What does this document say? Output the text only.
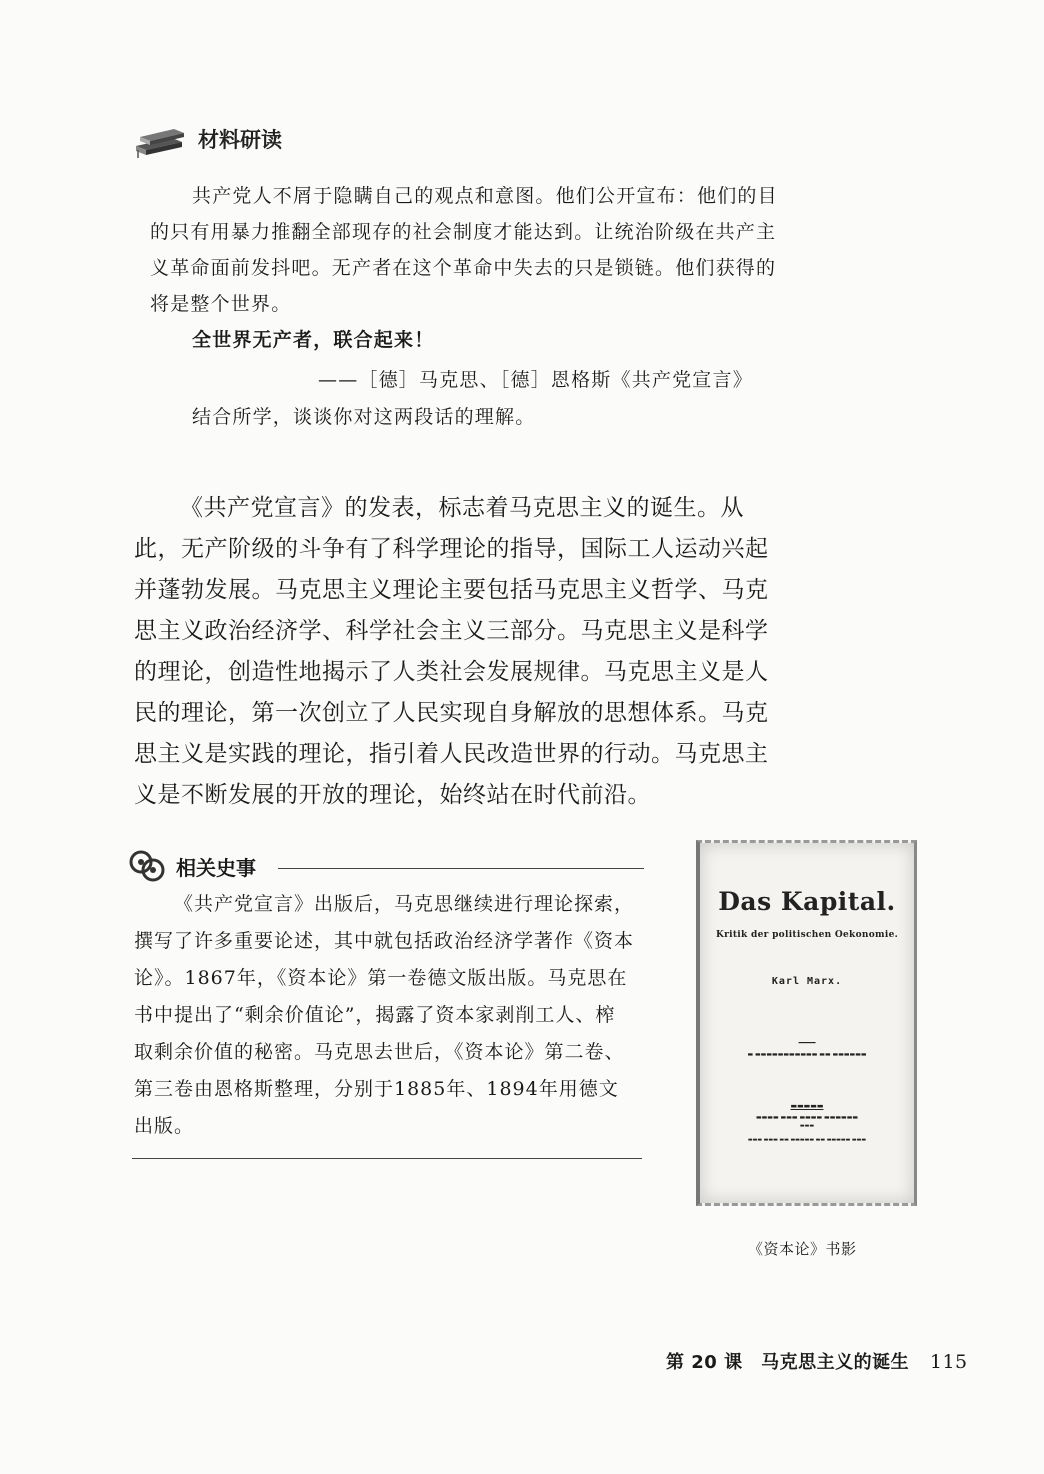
材料研读
共产党人不屑于隐瞒自己的观点和意图。他们公开宣布：他们的目的只有用暴力推翻全部现存的社会制度才能达到。让统治阶级在共产主义革命面前发抖吧。无产者在这个革命中失去的只是锁链。他们获得的将是整个世界。
全世界无产者，联合起来！
——［德］马克思、［德］恩格斯《共产党宣言》
结合所学，谈谈你对这两段话的理解。
《共产党宣言》的发表，标志着马克思主义的诞生。从此，无产阶级的斗争有了科学理论的指导，国际工人运动兴起并蓬勃发展。马克思主义理论主要包括马克思主义哲学、马克思主义政治经济学、科学社会主义三部分。马克思主义是科学的理论，创造性地揭示了人类社会发展规律。马克思主义是人民的理论，第一次创立了人民实现自身解放的思想体系。马克思主义是实践的理论，指引着人民改造世界的行动。马克思主义是不断发展的开放的理论，始终站在时代前沿。
相关史事
《共产党宣言》出版后，马克思继续进行理论探索，撰写了许多重要论述，其中就包括政治经济学著作《资本论》。1867年，《资本论》第一卷德文版出版。马克思在书中提出了“剩余价值论”，揭露了资本家剥削工人、榨取剩余价值的秘密。马克思去世后，《资本论》第二卷、第三卷由恩格斯整理，分别于1885年、1894年用德文出版。
Das Kapital.
Kritik der politischen Oekonomie.
Karl Marx.
━━━━
▬ ▬▬▬▬▬▬▬▬▬▬▬ ▬▬ ▬▬▬▬▬▬
▬▬▬▬▬
▬▬▬▬ ▬▬▬ ▬▬▬▬ ▬▬▬▬▬▬
▬▬▬
▬▬▬ ▬▬▬ ▬▬ ▬▬▬▬▬ ▬▬ ▬▬▬▬▬ ▬▬▬
《资本论》书影
第 20 课　马克思主义的诞生 115
